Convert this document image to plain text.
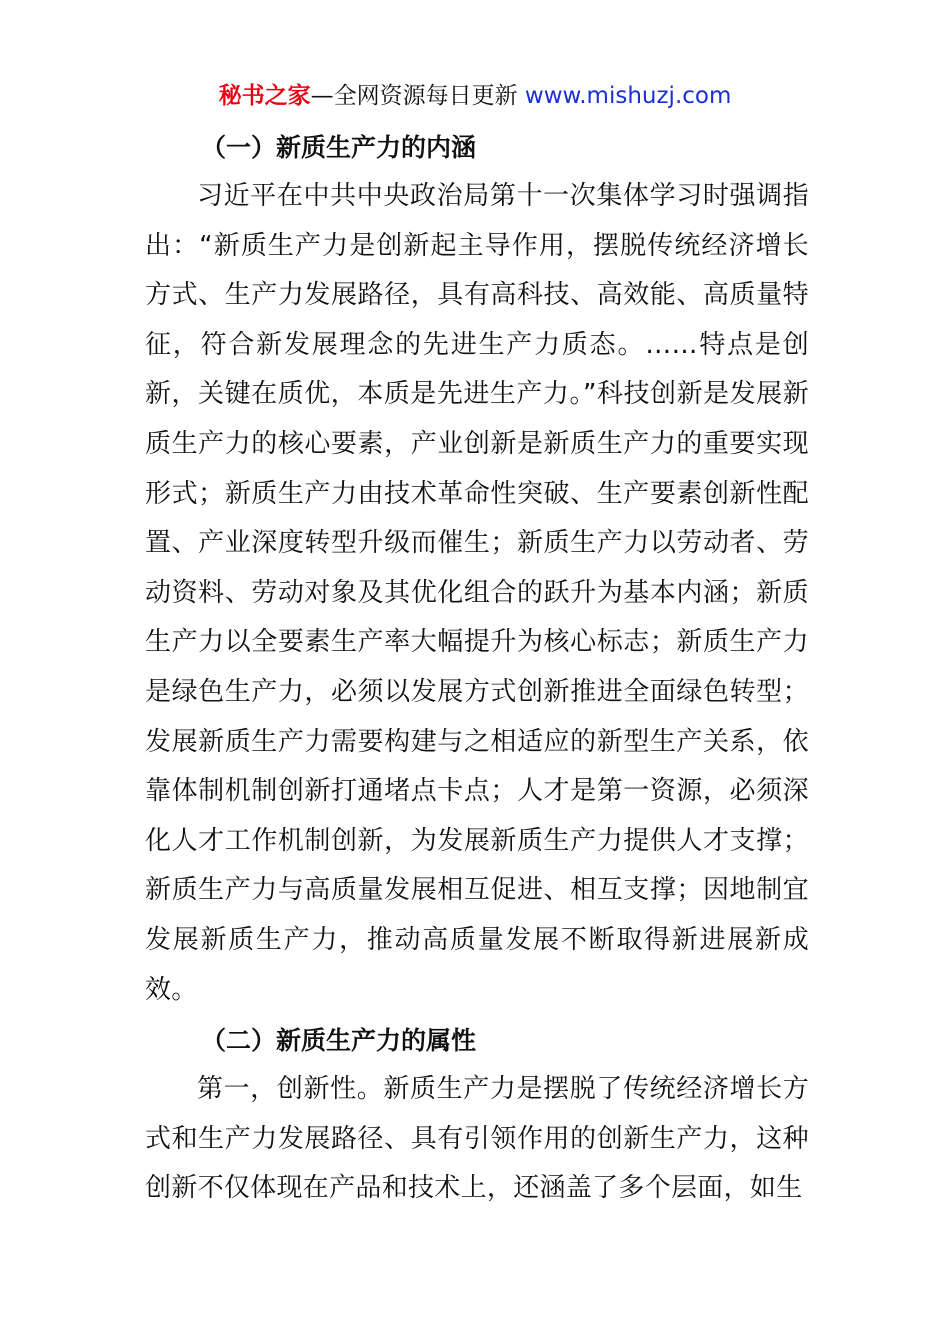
秘书之家—全网资源每日更新 www.mishuzj.com
（一）新质生产力的内涵

习近平在中共中央政治局第十一次集体学习时强调指出：“新质生产力是创新起主导作用，摆脱传统经济增长方式、生产力发展路径，具有高科技、高效能、高质量特征，符合新发展理念的先进生产力质态。……特点是创新，关键在质优，本质是先进生产力。”科技创新是发展新质生产力的核心要素，产业创新是新质生产力的重要实现形式；新质生产力由技术革命性突破、生产要素创新性配置、产业深度转型升级而催生；新质生产力以劳动者、劳动资料、劳动对象及其优化组合的跃升为基本内涵；新质生产力以全要素生产率大幅提升为核心标志；新质生产力是绿色生产力，必须以发展方式创新推进全面绿色转型；发展新质生产力需要构建与之相适应的新型生产关系，依靠体制机制创新打通堵点卡点；人才是第一资源，必须深化人才工作机制创新，为发展新质生产力提供人才支撑；新质生产力与高质量发展相互促进、相互支撑；因地制宜发展新质生产力，推动高质量发展不断取得新进展新成效。

（二）新质生产力的属性

第一，创新性。新质生产力是摆脱了传统经济增长方式和生产力发展路径、具有引领作用的创新生产力，这种创新不仅体现在产品和技术上，还涵盖了多个层面，如生
